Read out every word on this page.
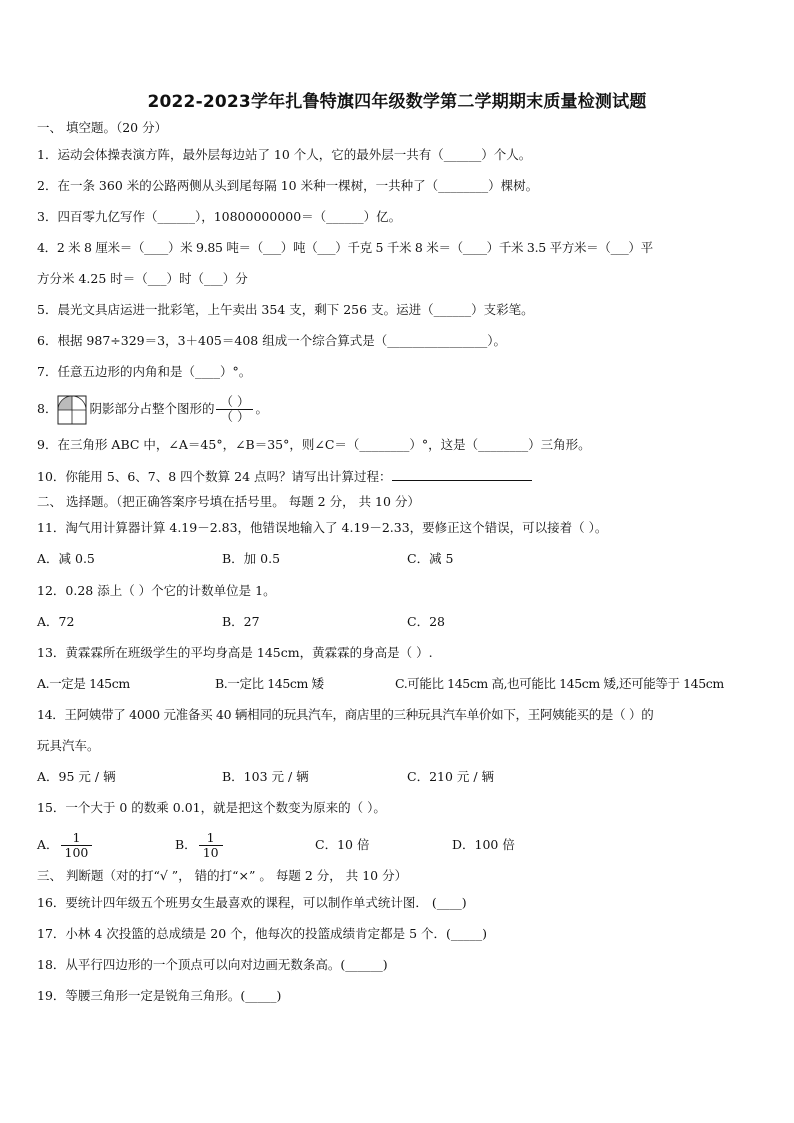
2022-2023学年扎鲁特旗四年级数学第二学期期末质量检测试题
一、 填空题。（20 分）
1．运动会体操表演方阵，最外层每边站了 10 个人，它的最外层一共有（______）个人。
2．在一条 360 米的公路两侧从头到尾每隔 10 米种一棵树，一共种了（________）棵树。
3．四百零九亿写作（______），10800000000＝（______）亿。
4．2 米 8 厘米＝（____）米 9.85 吨＝（___）吨（___）千克 5 千米 8 米＝（____）千米 3.5 平方米＝（___）平
方分米 4.25 时＝（___）时（___）分
5．晨光文具店运进一批彩笔，上午卖出 354 支，剩下 256 支。运进（______）支彩笔。
6．根据 987÷329＝3，3＋405＝408 组成一个综合算式是（________________）。
7．任意五边形的内角和是（____）°。
8．	阴影部分占整个图形的 $\frac{( )}{( )}$ 。
9．在三角形 ABC 中，∠A＝45°，∠B＝35°，则∠C＝（________）°，这是（________）三角形。
10．你能用 5、6、7、8 四个数算 24 点吗？请写出计算过程：
二、 选择题。（把正确答案序号填在括号里。 每题 2 分， 共 10 分）
11．淘气用计算器计算 4.19－2.83，他错误地输入了 4.19－2.33，要修正这个错误，可以接着（ ）。
A．减 0.5	B．加 0.5	C．减 5
12．0.28 添上（ ）个它的计数单位是 1。
A．72	B．27	C．28
13．黄霖霖所在班级学生的平均身高是 145cm，黄霖霖的身高是（ ）.
A.一定是 145cm	B.一定比 145cm 矮	C.可能比 145cm 高,也可能比 145cm 矮,还可能等于 145cm
14．王阿姨带了 4000 元准备买 40 辆相同的玩具汽车，商店里的三种玩具汽车单价如下，王阿姨能买的是（ ）的
玩具汽车。
A．95 元 / 辆	B．103 元 / 辆	C．210 元 / 辆
15．一个大于 0 的数乘 0.01，就是把这个数变为原来的（ ）。
A． $\frac{1}{100}$	B． $\frac{1}{10}$	C．10 倍	D．100 倍
三、 判断题（对的打“√ ”， 错的打“×” 。 每题 2 分， 共 10 分）
16．要统计四年级五个班男女生最喜欢的课程，可以制作单式统计图． (____)
17．小林 4 次投篮的总成绩是 20 个，他每次的投篮成绩肯定都是 5 个．(_____)
18．从平行四边形的一个顶点可以向对边画无数条高。(______)
19．等腰三角形一定是锐角三角形。(_____)
